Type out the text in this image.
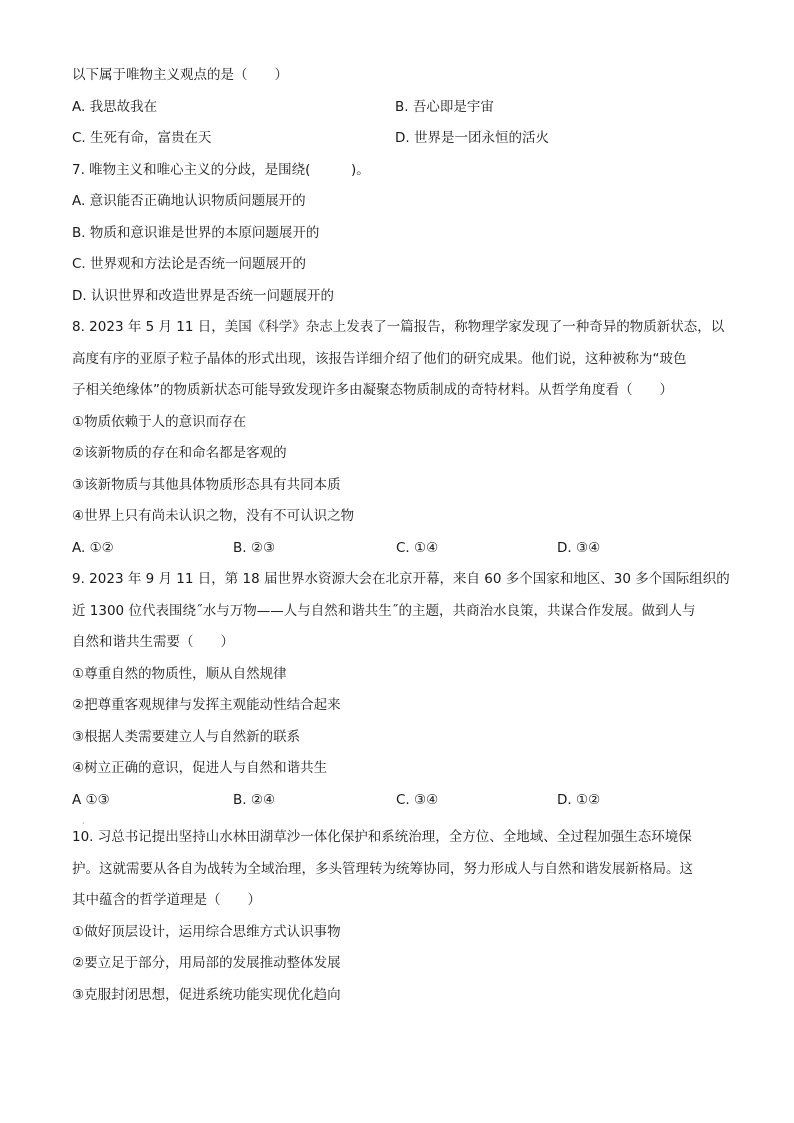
以下属于唯物主义观点的是（　　）
A. 我思故我在	B. 吾心即是宇宙
C. 生死有命，富贵在天	D. 世界是一团永恒的活火
7. 唯物主义和唯心主义的分歧，是围绕(　　　)。
A. 意识能否正确地认识物质问题展开的
B. 物质和意识谁是世界的本原问题展开的
C. 世界观和方法论是否统一问题展开的
D. 认识世界和改造世界是否统一问题展开的
8. 2023 年 5 月 11 日，美国《科学》杂志上发表了一篇报告，称物理学家发现了一种奇异的物质新状态，以
高度有序的亚原子粒子晶体的形式出现，该报告详细介绍了他们的研究成果。他们说，这种被称为“玻色
子相关绝缘体”的物质新状态可能导致发现许多由凝聚态物质制成的奇特材料。从哲学角度看（　　）
①物质依赖于人的意识而存在
②该新物质的存在和命名都是客观的
③该新物质与其他具体物质形态具有共同本质
④世界上只有尚未认识之物，没有不可认识之物
A. ①②	B. ②③	C. ①④	D. ③④
9. 2023 年 9 月 11 日，第 18 届世界水资源大会在北京开幕，来自 60 多个国家和地区、30 多个国际组织的
近 1300 位代表围绕˝水与万物——人与自然和谐共生˝的主题，共商治水良策，共谋合作发展。做到人与
自然和谐共生需要（　　）
①尊重自然的物质性，顺从自然规律
②把尊重客观规律与发挥主观能动性结合起来
③根据人类需要建立人与自然新的联系
④树立正确的意识，促进人与自然和谐共生
A ①③	B. ②④	C. ③④	D. ①②
·
10. 习总书记提出坚持山水林田湖草沙一体化保护和系统治理，全方位、全地域、全过程加强生态环境保
护。这就需要从各自为战转为全域治理，多头管理转为统筹协同，努力形成人与自然和谐发展新格局。这
其中蕴含的哲学道理是（　　）
①做好顶层设计，运用综合思维方式认识事物
②要立足于部分，用局部的发展推动整体发展
③克服封闭思想，促进系统功能实现优化趋向
